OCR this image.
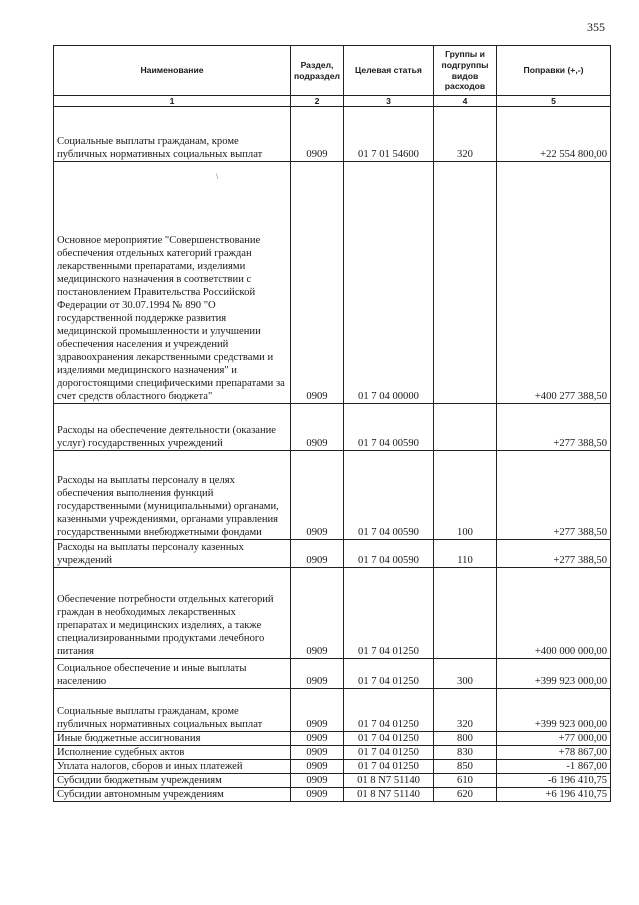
355
\
Наименование	Раздел, подраздел	Целевая статья	Группы и подгруппы видов расходов	Поправки (+,-)
1	2	3	4	5
Социальные выплаты гражданам, кроме публичных нормативных социальных выплат	0909	01 7 01 54600	320	+22 554 800,00
Основное мероприятие "Совершенствование обеспечения отдельных категорий граждан лекарственными препаратами, изделиями медицинского назначения в соответствии с постановлением Правительства Российской Федерации от 30.07.1994 № 890 "О государственной поддержке развития медицинской промышленности и улучшении обеспечения населения и учреждений здравоохранения лекарственными средствами и изделиями медицинского назначения" и дорогостоящими специфическими препаратами за счет средств областного бюджета"	0909	01 7 04 00000		+400 277 388,50
Расходы на обеспечение деятельности (оказание услуг) государственных учреждений	0909	01 7 04 00590		+277 388,50
Расходы на выплаты персоналу в целях обеспечения выполнения функций государственными (муниципальными) органами, казенными учреждениями, органами управления государственными внебюджетными фондами	0909	01 7 04 00590	100	+277 388,50
Расходы на выплаты персоналу казенных учреждений	0909	01 7 04 00590	110	+277 388,50
Обеспечение потребности отдельных категорий граждан в необходимых лекарственных препаратах и медицинских изделиях, а также специализированными продуктами лечебного питания	0909	01 7 04 01250		+400 000 000,00
Социальное обеспечение и иные выплаты населению	0909	01 7 04 01250	300	+399 923 000,00
Социальные выплаты гражданам, кроме публичных нормативных социальных выплат	0909	01 7 04 01250	320	+399 923 000,00
Иные бюджетные ассигнования	0909	01 7 04 01250	800	+77 000,00
Исполнение судебных актов	0909	01 7 04 01250	830	+78 867,00
Уплата налогов, сборов и иных платежей	0909	01 7 04 01250	850	-1 867,00
Субсидии бюджетным учреждениям	0909	01 8 N7 51140	610	-6 196 410,75
Субсидии автономным учреждениям	0909	01 8 N7 51140	620	+6 196 410,75
